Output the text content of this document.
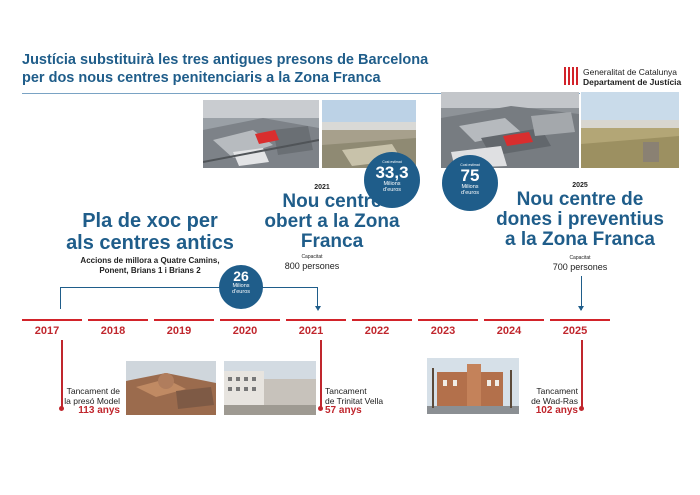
Justícia substituirà les tres antigues presons de Barcelona
per dos nous centres penitenciaris a la Zona Franca	Generalitat de Catalunya
Departament de Justícia
Cost estimat
33,3
Milions
d’euros
Cost estimat
75
Milions
d’euros
2021
Nou centre
obert a la Zona
Franca
Capacitat
800 persones
2025
Nou centre de
dones i preventius
a la Zona Franca
Capacitat
700 persones
Pla de xoc per
als centres antics
Accions de millora a Quatre Camins,
Ponent, Brians 1 i Brians 2	26
Milions
d’euros
2017	2018	2019	2020	2021	2022	2023	2024	2025
Tancament de
la presó Model
113 anys
Tancament
de Trinitat Vella
57 anys
Tancament
de Wad-Ras
102 anys
